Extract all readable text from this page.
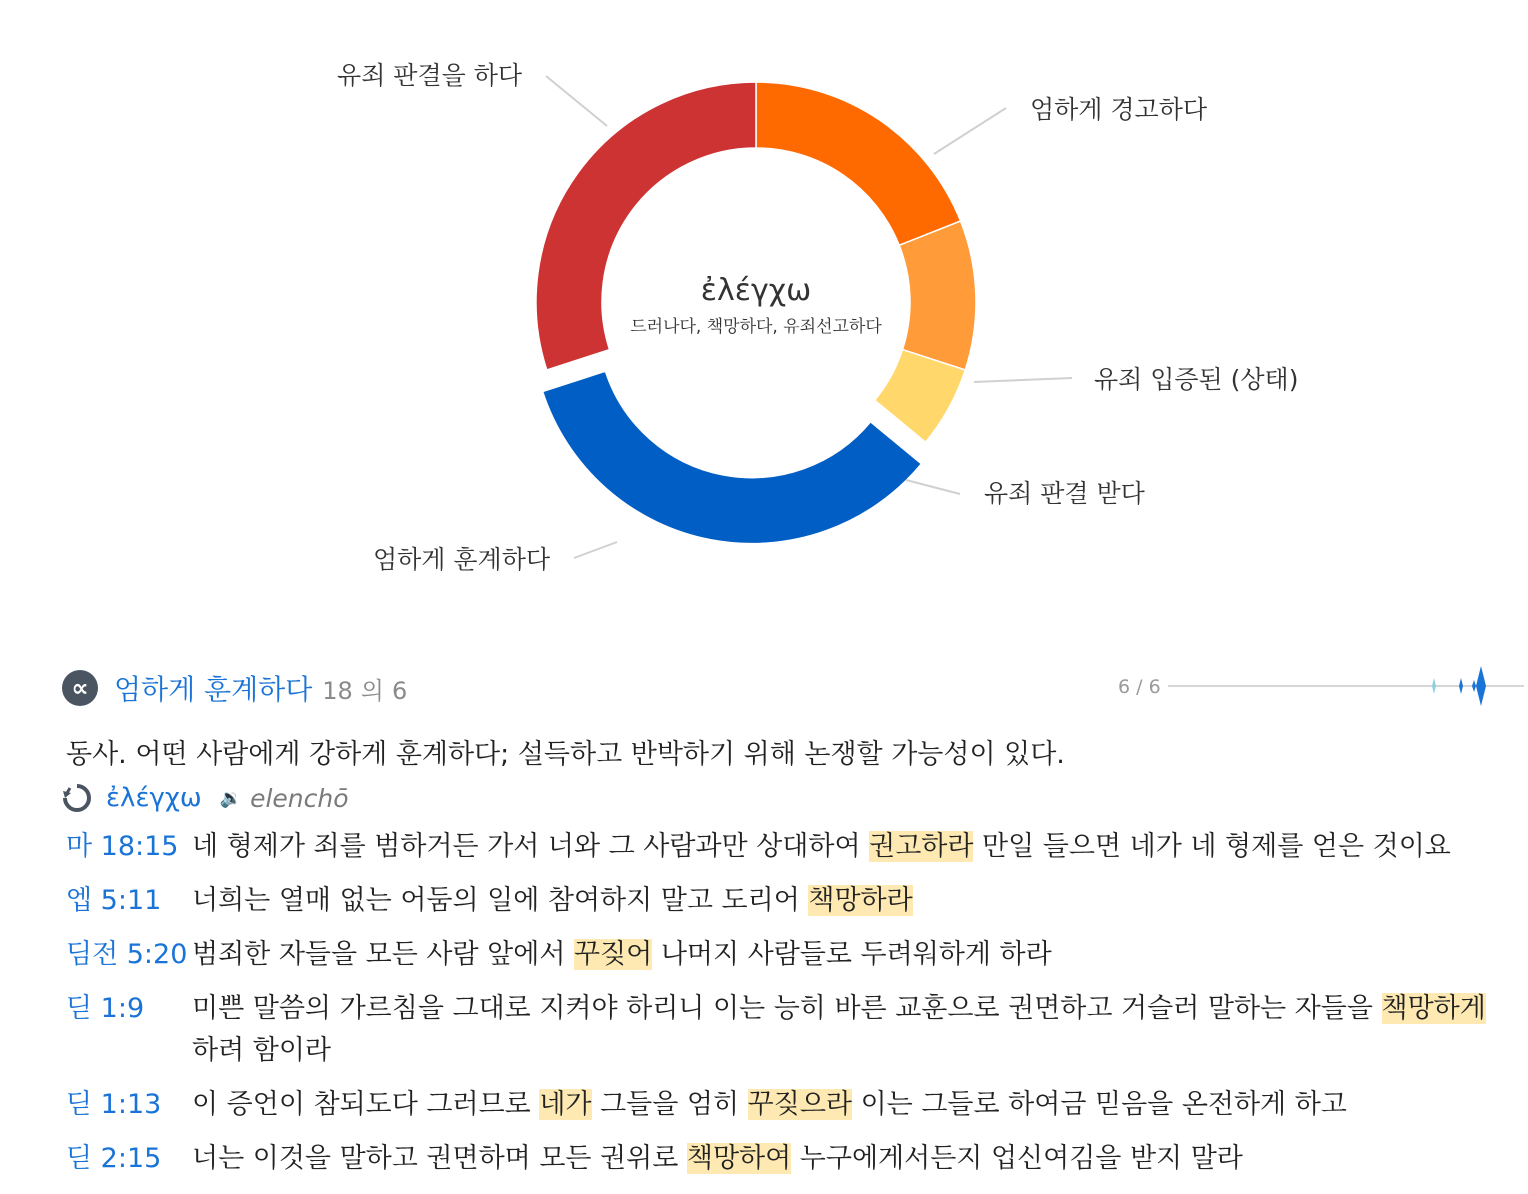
엄하게 경고하다
유죄 입증된 (상태)
유죄 판결 받다
엄하게 훈계하다
유죄 판결을 하다
ἐλέγχω
드러나다, 책망하다, 유죄선고하다
∝ 엄하게 훈계하다 18 의 6	6 / 6
동사. 어떤 사람에게 강하게 훈계하다; 설득하고 반박하기 위해 논쟁할 가능성이 있다.
ἐλέγχω 🔉 elenchō
마 18:15 네 형제가 죄를 범하거든 가서 너와 그 사람과만 상대하여 권고하라 만일 들으면 네가 네 형제를 얻은 것이요
엡 5:11	너희는 열매 없는 어둠의 일에 참여하지 말고 도리어 책망하라
딤전 5:20 범죄한 자들을 모든 사람 앞에서 꾸짖어 나머지 사람들로 두려워하게 하라
딛 1:9	미쁜 말씀의 가르침을 그대로 지켜야 하리니 이는 능히 바른 교훈으로 권면하고 거슬러 말하는 자들을 책망하게 하려 함이라
딛 1:13	이 증언이 참되도다 그러므로 네가 그들을 엄히 꾸짖으라 이는 그들로 하여금 믿음을 온전하게 하고
딛 2:15	너는 이것을 말하고 권면하며 모든 권위로 책망하여 누구에게서든지 업신여김을 받지 말라
